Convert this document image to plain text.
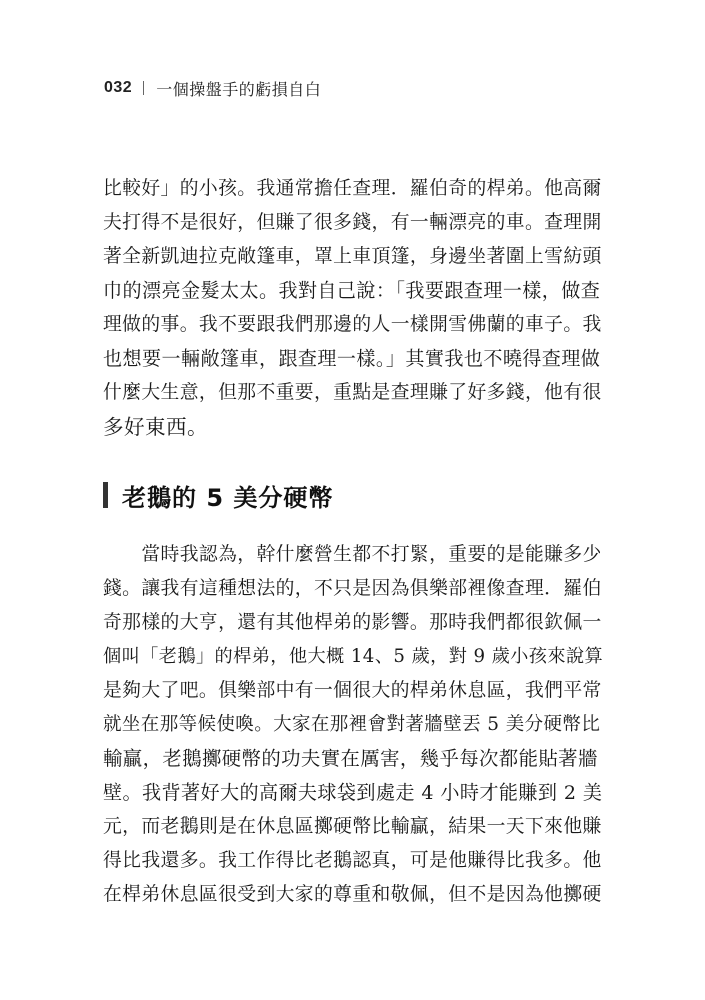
032 一個操盤手的虧損自白
比較好」的小孩。我通常擔任查理．羅伯奇的桿弟。他高爾
夫打得不是很好，但賺了很多錢，有一輛漂亮的車。查理開
著全新凱迪拉克敞篷車，罩上車頂篷，身邊坐著圍上雪紡頭
巾的漂亮金髮太太。我對自己說：「我要跟查理一樣，做查
理做的事。我不要跟我們那邊的人一樣開雪佛蘭的車子。我
也想要一輛敞篷車，跟查理一樣。」其實我也不曉得查理做
什麼大生意，但那不重要，重點是查理賺了好多錢，他有很
多好東西。
老鵝的 5 美分硬幣
　　當時我認為，幹什麼營生都不打緊，重要的是能賺多少
錢。讓我有這種想法的，不只是因為俱樂部裡像查理．羅伯
奇那樣的大亨，還有其他桿弟的影響。那時我們都很欽佩一
個叫「老鵝」的桿弟，他大概 14、5 歲，對 9 歲小孩來說算
是夠大了吧。俱樂部中有一個很大的桿弟休息區，我們平常
就坐在那等候使喚。大家在那裡會對著牆壁丟 5 美分硬幣比
輸贏，老鵝擲硬幣的功夫實在厲害，幾乎每次都能貼著牆
壁。我背著好大的高爾夫球袋到處走 4 小時才能賺到 2 美
元，而老鵝則是在休息區擲硬幣比輸贏，結果一天下來他賺
得比我還多。我工作得比老鵝認真，可是他賺得比我多。他
在桿弟休息區很受到大家的尊重和敬佩，但不是因為他擲硬
